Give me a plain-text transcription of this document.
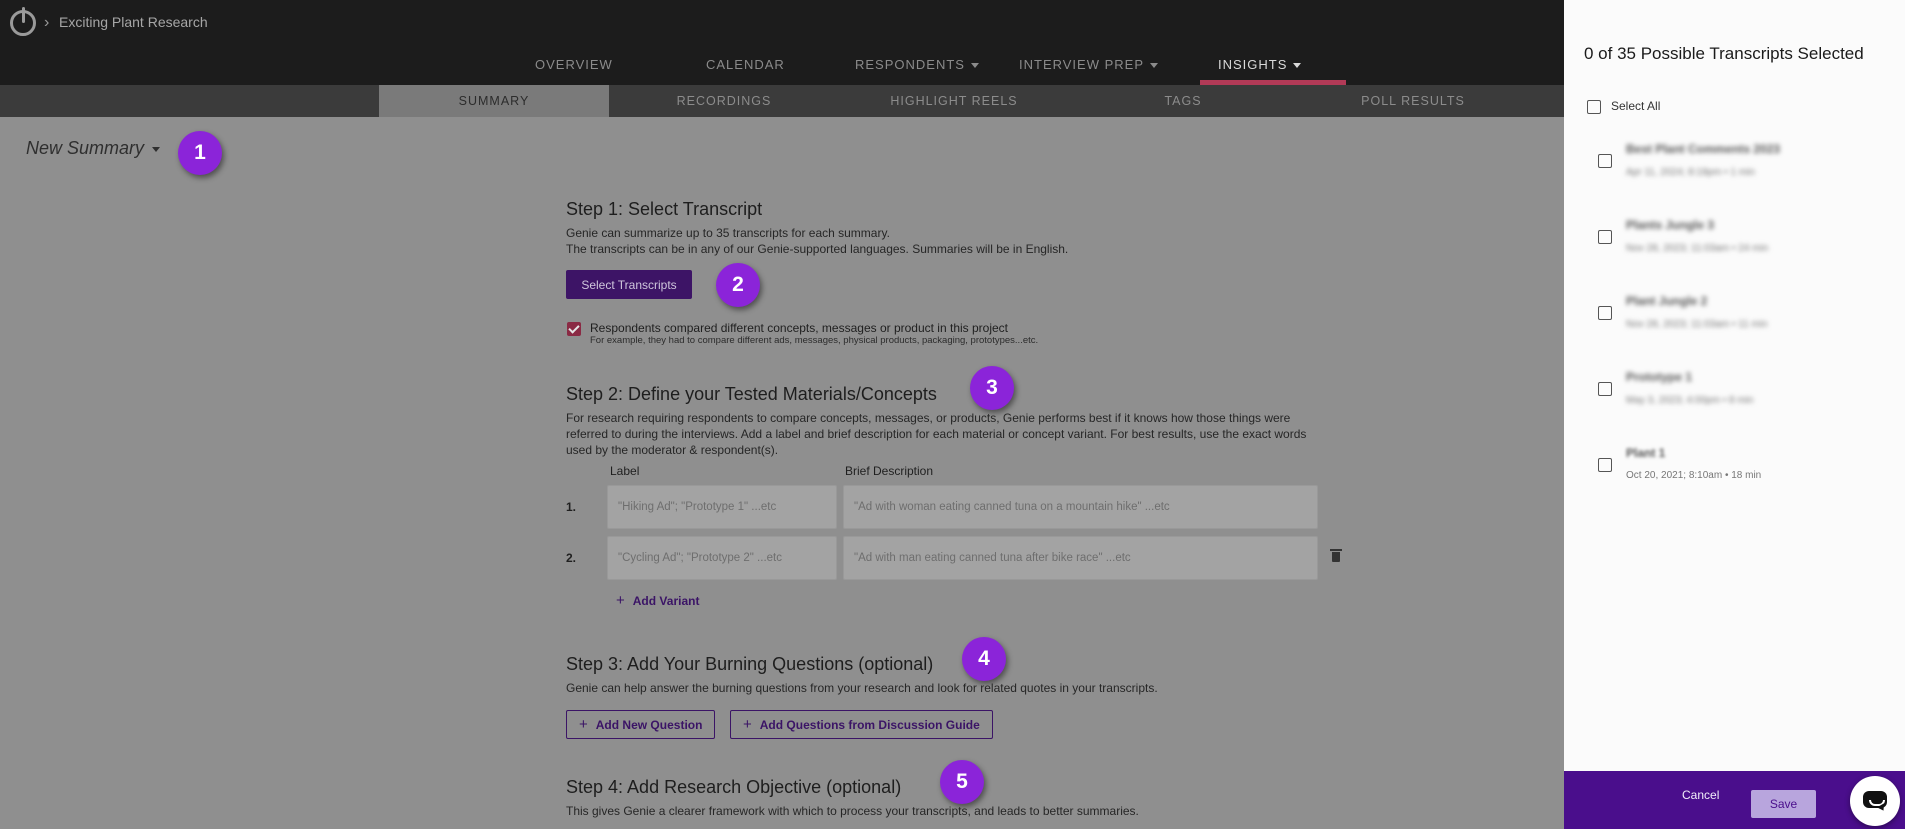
› Exciting Plant Research
OVERVIEW	CALENDAR	RESPONDENTS	INTERVIEW PREP	INSIGHTS
SUMMARY	RECORDINGS	HIGHLIGHT REELS	TAGS	POLL RESULTS
New Summary	1
2
3
4
5
Step 1: Select Transcript
Genie can summarize up to 35 transcripts for each summary.
The transcripts can be in any of our Genie-supported languages. Summaries will be in English.
Select Transcripts
Respondents compared different concepts, messages or product in this project
For example, they had to compare different ads, messages, physical products, packaging, prototypes...etc.
Step 2: Define your Tested Materials/Concepts
For research requiring respondents to compare concepts, messages, or products, Genie performs best if it knows how those things were referred to during the interviews. Add a label and brief description for each material or concept variant. For best results, use the exact words used by the moderator & respondent(s).
Label	Brief Description
1.
"Hiking Ad"; "Prototype 1" ...etc
"Ad with woman eating canned tuna on a mountain hike" ...etc
2.
"Cycling Ad"; "Prototype 2" ...etc
"Ad with man eating canned tuna after bike race" ...etc
+ Add Variant
Step 3: Add Your Burning Questions (optional)
Genie can help answer the burning questions from your research and look for related quotes in your transcripts.
+ Add New Question	+ Add Questions from Discussion Guide
Step 4: Add Research Objective (optional)
This gives Genie a clearer framework with which to process your transcripts, and leads to better summaries.
0 of 35 Possible Transcripts Selected
Select All
Best Plant Comments 2023
Apr 11, 2024; 8:18pm • 1 min
Plants Jungle 3
Nov 28, 2023; 11:03am • 24 min
Plant Jungle 2
Nov 28, 2023; 11:03am • 11 min
Prototype 1
May 3, 2023; 4:00pm • 8 min
Plant 1
Oct 20, 2021; 8:10am • 18 min
Cancel
Save
